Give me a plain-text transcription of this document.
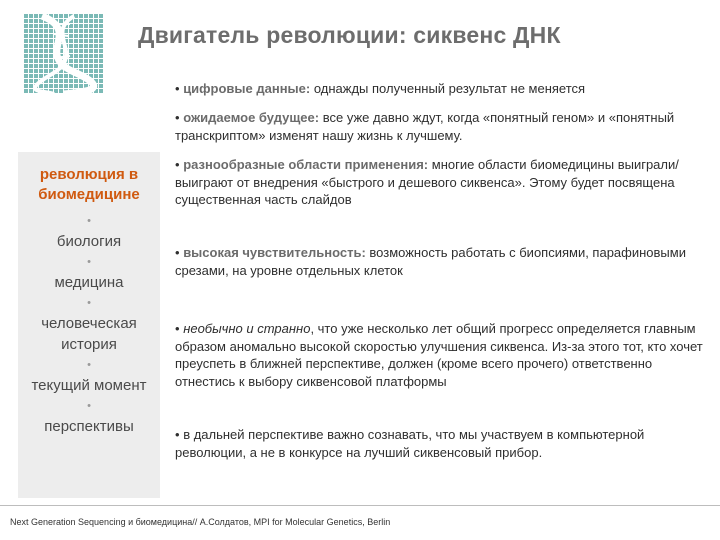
Двигатель революции: сиквенс ДНК
революция в
биомедицине
•
биология
•
медицина
•
человеческая
история
•
текущий момент
•
перспективы
• цифровые данные: однажды полученный результат не меняется
• ожидаемое будущее: все уже давно ждут, когда «понятный геном» и «понятный транскриптом» изменят нашу жизнь к лучшему.
• разнообразные области применения: многие области биомедицины выиграли/выиграют от внедрения «быстрого и дешевого сиквенса». Этому будет посвящена существенная часть слайдов
• высокая чувствительность: возможность работать с биопсиями, парафиновыми срезами, на уровне отдельных клеток
• необычно и странно, что уже несколько лет общий прогресс определяется главным образом аномально высокой скоростью улучшения сиквенса. Из-за этого тот, кто хочет преуспеть в ближней перспективе, должен (кроме всего прочего) ответственно отнестись к выбору сиквенсовой платформы
• в дальней перспективе важно сознавать, что мы участвуем в компьютерной революции, а не в конкурсе на лучший сиквенсовый прибор.
Next Generation Sequencing и биомедицина// А.Солдатов, MPI for Molecular Genetics, Berlin
